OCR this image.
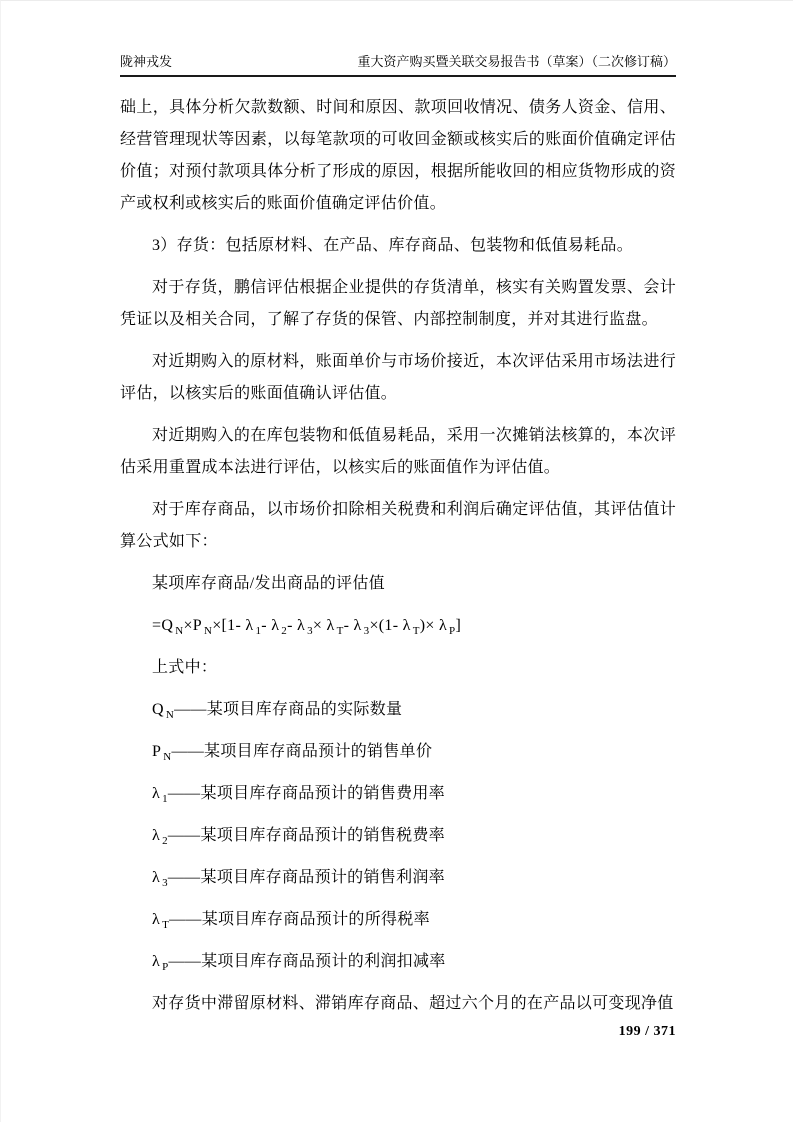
陇神戎发	重大资产购买暨关联交易报告书（草案）（二次修订稿）

础上，具体分析欠款数额、时间和原因、款项回收情况、债务人资金、信用、经营管理现状等因素，以每笔款项的可收回金额或核实后的账面价值确定评估价值；对预付款项具体分析了形成的原因，根据所能收回的相应货物形成的资产或权利或核实后的账面价值确定评估价值。

3）存货：包括原材料、在产品、库存商品、包装物和低值易耗品。

对于存货，鹏信评估根据企业提供的存货清单，核实有关购置发票、会计凭证以及相关合同，了解了存货的保管、内部控制制度，并对其进行监盘。

对近期购入的原材料，账面单价与市场价接近，本次评估采用市场法进行评估，以核实后的账面值确认评估值。

对近期购入的在库包装物和低值易耗品，采用一次摊销法核算的，本次评估采用重置成本法进行评估，以核实后的账面值作为评估值。

对于库存商品，以市场价扣除相关税费和利润后确定评估值，其评估值计算公式如下：

某项库存商品/发出商品的评估值

=Q $_N$×P $_N$×[1- λ $_1$- λ $_2$- λ $_3$× λ $_T$- λ $_3$×(1- λ $_T$)× λ $_P$]

上式中：

Q $_N$——某项目库存商品的实际数量

P $_N$——某项目库存商品预计的销售单价

λ $_1$——某项目库存商品预计的销售费用率

λ $_2$——某项目库存商品预计的销售税费率

λ $_3$——某项目库存商品预计的销售利润率

λ $_T$——某项目库存商品预计的所得税率

λ $_P$——某项目库存商品预计的利润扣减率

对存货中滞留原材料、滞销库存商品、超过六个月的在产品以可变现净值

199 / 371
